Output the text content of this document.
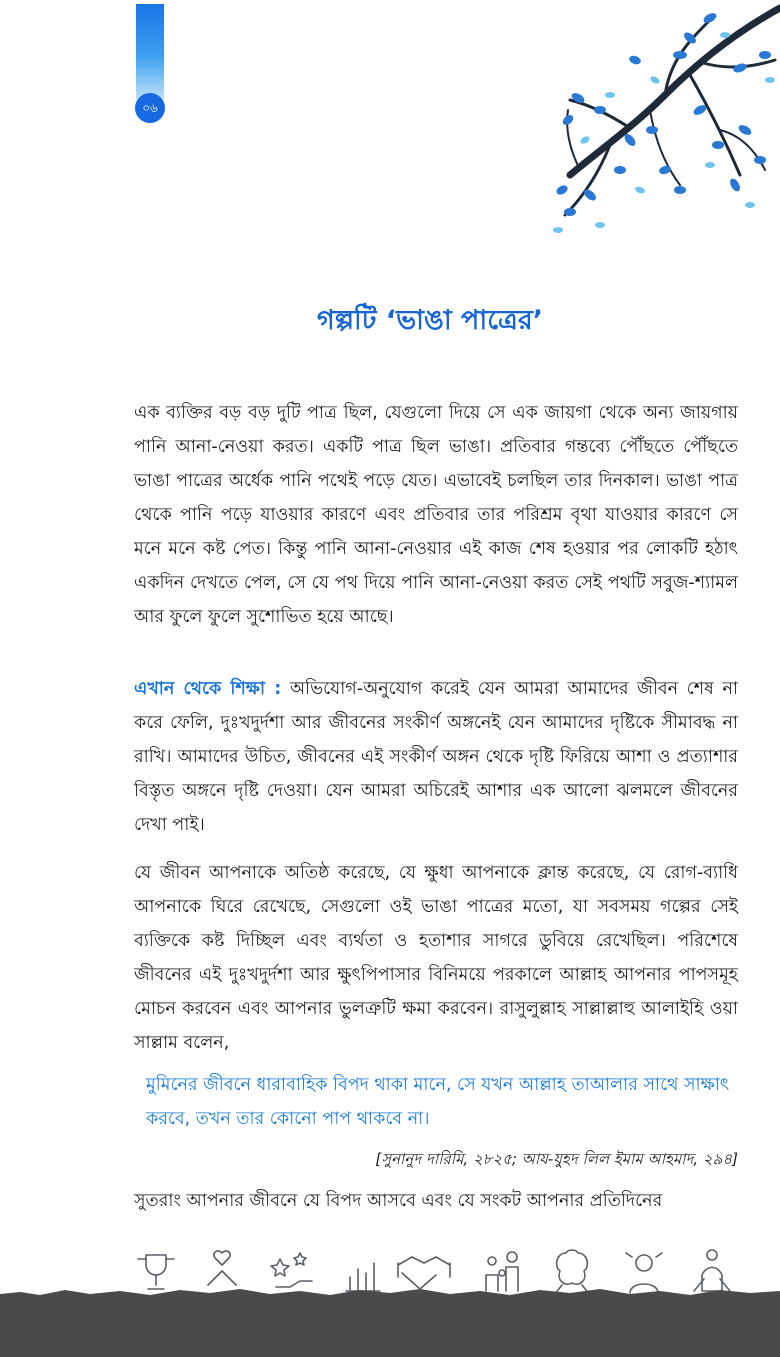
০৬
গল্পটি ‘ভাঙা পাত্রের’

এক ব্যক্তির বড় বড় দুটি পাত্র ছিল, যেগুলো দিয়ে সে এক জায়গা থেকে অন্য জায়গায় পানি আনা-নেওয়া করত। একটি পাত্র ছিল ভাঙা। প্রতিবার গন্তব্যে পৌঁছতে পৌঁছতে ভাঙা পাত্রের অর্ধেক পানি পথেই পড়ে যেত। এভাবেই চলছিল তার দিনকাল। ভাঙা পাত্র থেকে পানি পড়ে যাওয়ার কারণে এবং প্রতিবার তার পরিশ্রম বৃথা যাওয়ার কারণে সে মনে মনে কষ্ট পেত। কিন্তু পানি আনা-নেওয়ার এই কাজ শেষ হওয়ার পর লোকটি হঠাৎ একদিন দেখতে পেল, সে যে পথ দিয়ে পানি আনা-নেওয়া করত সেই পথটি সবুজ-শ্যামল আর ফুলে ফুলে সুশোভিত হয়ে আছে।

এখান থেকে শিক্ষা : অভিযোগ-অনুযোগ করেই যেন আমরা আমাদের জীবন শেষ না করে ফেলি, দুঃখদুর্দশা আর জীবনের সংকীর্ণ অঙ্গনেই যেন আমাদের দৃষ্টিকে সীমাবদ্ধ না রাখি। আমাদের উচিত, জীবনের এই সংকীর্ণ অঙ্গন থেকে দৃষ্টি ফিরিয়ে আশা ও প্রত্যাশার বিস্তৃত অঙ্গনে দৃষ্টি দেওয়া। যেন আমরা অচিরেই আশার এক আলো ঝলমলে জীবনের দেখা পাই।

যে জীবন আপনাকে অতিষ্ঠ করেছে, যে ক্ষুধা আপনাকে ক্লান্ত করেছে, যে রোগ-ব্যাধি আপনাকে ঘিরে রেখেছে, সেগুলো ওই ভাঙা পাত্রের মতো, যা সবসময় গল্পের সেই ব্যক্তিকে কষ্ট দিচ্ছিল এবং ব্যর্থতা ও হতাশার সাগরে ডুবিয়ে রেখেছিল। পরিশেষে জীবনের এই দুঃখদুর্দশা আর ক্ষুৎপিপাসার বিনিময়ে পরকালে আল্লাহ আপনার পাপসমূহ মোচন করবেন এবং আপনার ভুলত্রুটি ক্ষমা করবেন। রাসুলুল্লাহ সাল্লাল্লাহু আলাইহি ওয়া সাল্লাম বলেন,

মুমিনের জীবনে ধারাবাহিক বিপদ থাকা মানে, সে যখন আল্লাহ তাআলার সাথে সাক্ষাৎ করবে, তখন তার কোনো পাপ থাকবে না।

[সুনানুদ দারিমি, ২৮২৫; আয-যুহদ লিল ইমাম আহমাদ, ২৯৪]

সুতরাং আপনার জীবনে যে বিপদ আসবে এবং যে সংকট আপনার প্রতিদিনের
